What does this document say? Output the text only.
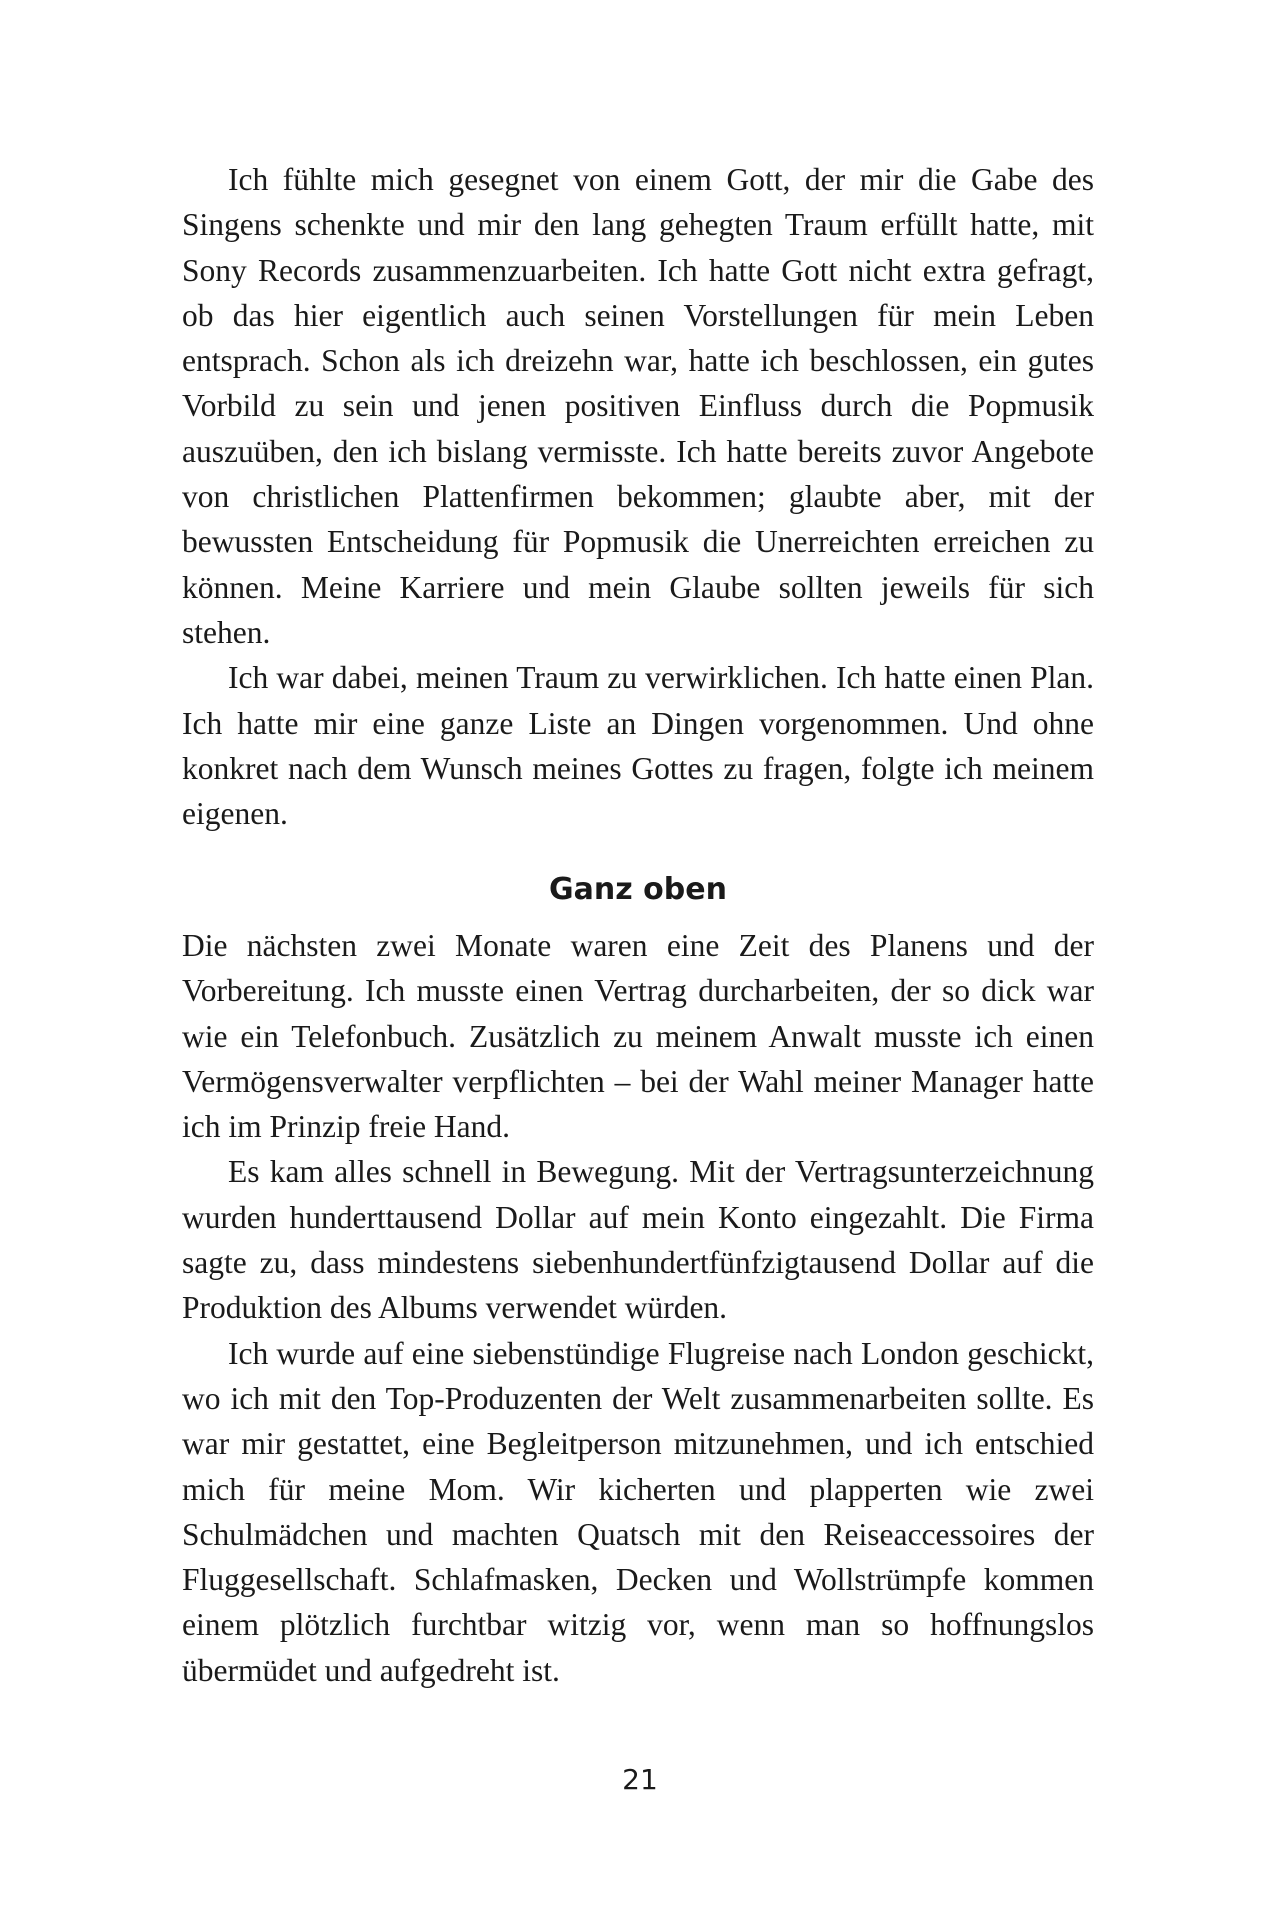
Ich fühlte mich gesegnet von einem Gott, der mir die Gabe des Singens schenkte und mir den lang gehegten Traum erfüllt hatte, mit Sony Records zusammenzuarbeiten. Ich hatte Gott nicht extra gefragt, ob das hier eigentlich auch seinen Vorstellungen für mein Leben entsprach. Schon als ich dreizehn war, hatte ich beschlossen, ein gutes Vorbild zu sein und jenen positiven Einfluss durch die Popmusik auszuüben, den ich bislang vermisste. Ich hatte bereits zuvor Angebote von christlichen Plattenfirmen bekommen; glaubte aber, mit der bewussten Entscheidung für Popmusik die Unerreichten erreichen zu können. Meine Karriere und mein Glaube sollten jeweils für sich stehen.

Ich war dabei, meinen Traum zu verwirklichen. Ich hatte einen Plan. Ich hatte mir eine ganze Liste an Dingen vorgenommen. Und ohne konkret nach dem Wunsch meines Gottes zu fragen, folgte ich meinem eigenen.

Ganz oben

Die nächsten zwei Monate waren eine Zeit des Planens und der Vorbereitung. Ich musste einen Vertrag durcharbeiten, der so dick war wie ein Telefonbuch. Zusätzlich zu meinem Anwalt musste ich einen Vermögensverwalter verpflichten – bei der Wahl meiner Manager hatte ich im Prinzip freie Hand.

Es kam alles schnell in Bewegung. Mit der Vertragsunterzeichnung wurden hunderttausend Dollar auf mein Konto eingezahlt. Die Firma sagte zu, dass mindestens siebenhundertfünfzigtausend Dollar auf die Produktion des Albums verwendet würden.

Ich wurde auf eine siebenstündige Flugreise nach London geschickt, wo ich mit den Top-Produzenten der Welt zusammenarbeiten sollte. Es war mir gestattet, eine Begleitperson mitzunehmen, und ich entschied mich für meine Mom. Wir kicherten und plapperten wie zwei Schulmädchen und machten Quatsch mit den Reiseaccessoires der Fluggesellschaft. Schlafmasken, Decken und Wollstrümpfe kommen einem plötzlich furchtbar witzig vor, wenn man so hoffnungslos übermüdet und aufgedreht ist.

21
